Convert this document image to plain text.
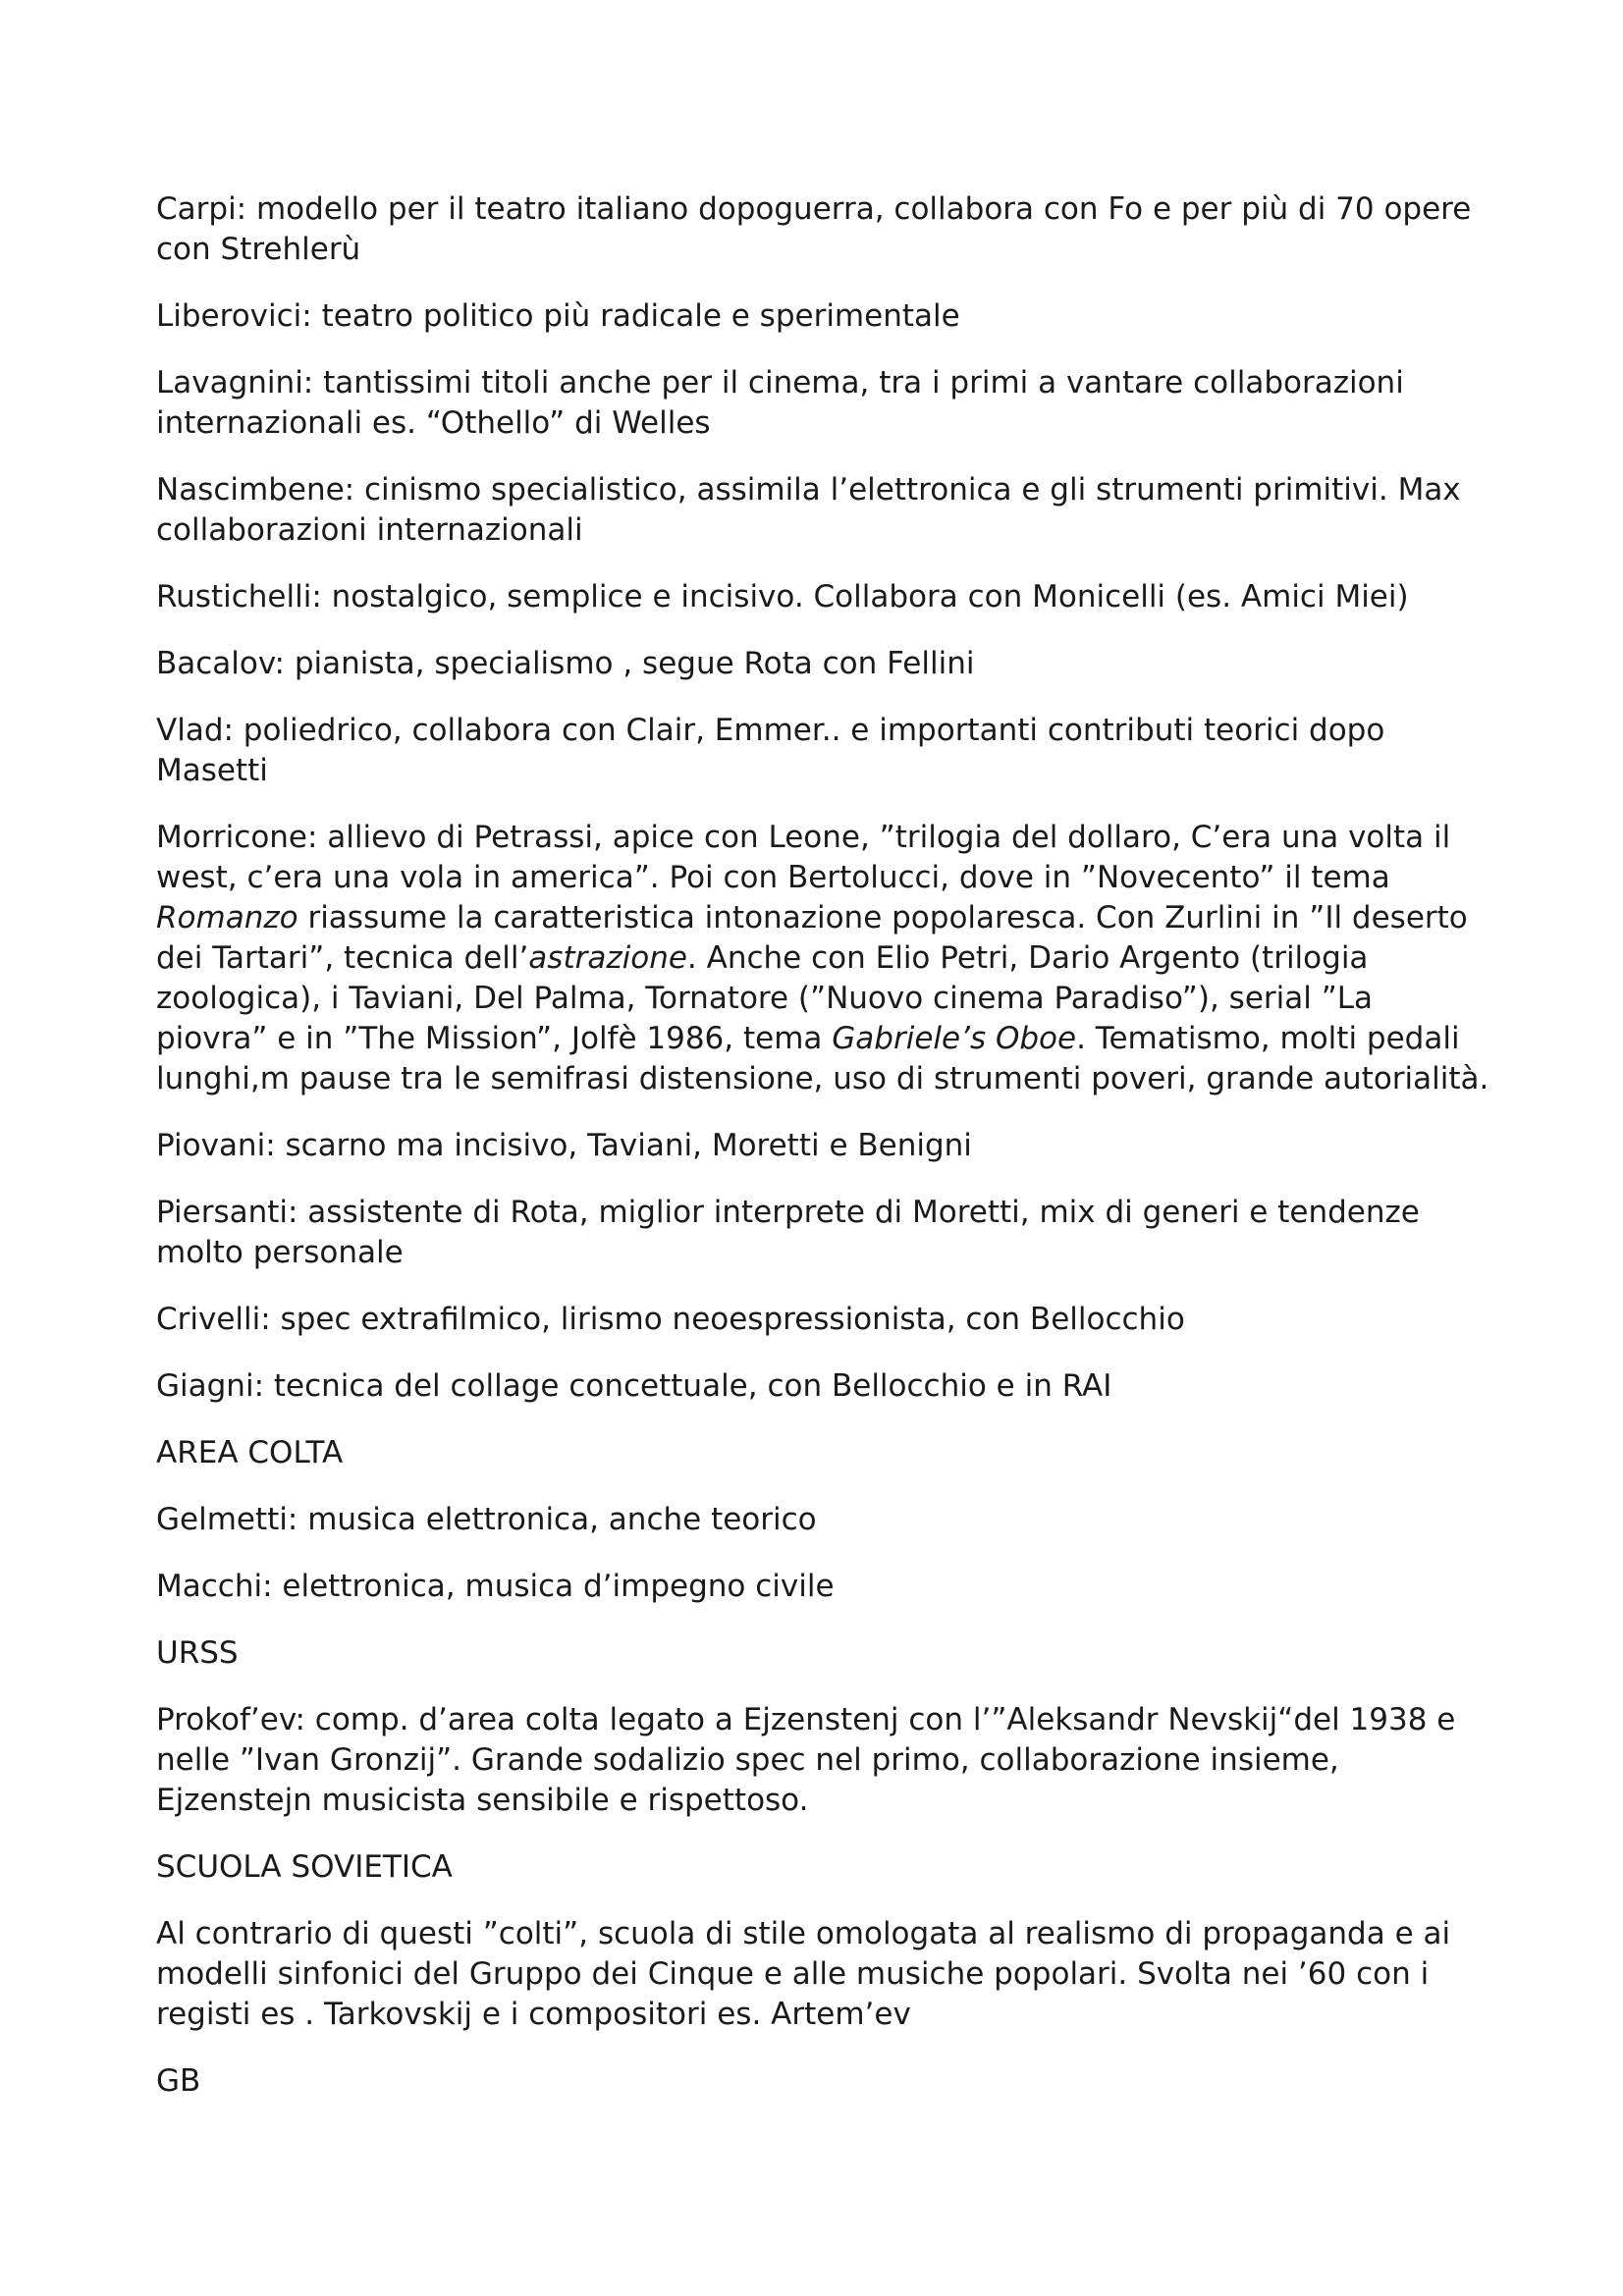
Carpi: modello per il teatro italiano dopoguerra, collabora con Fo e per più di 70 opere con Strehlerù

Liberovici: teatro politico più radicale e sperimentale

Lavagnini: tantissimi titoli anche per il cinema, tra i primi a vantare collaborazioni internazionali es. “Othello” di Welles

Nascimbene: cinismo specialistico, assimila l’elettronica e gli strumenti primitivi. Max collaborazioni internazionali

Rustichelli: nostalgico, semplice e incisivo. Collabora con Monicelli (es. Amici Miei)

Bacalov: pianista, specialismo , segue Rota con Fellini

Vlad: poliedrico, collabora con Clair, Emmer.. e importanti contributi teorici dopo Masetti

Morricone: allievo di Petrassi, apice con Leone, ”trilogia del dollaro, C’era una volta il west, c’era una vola in america”. Poi con Bertolucci, dove in ”Novecento” il tema Romanzo riassume la caratteristica intonazione popolaresca. Con Zurlini in ”Il deserto dei Tartari”, tecnica dell’astrazione. Anche con Elio Petri, Dario Argento (trilogia zoologica), i Taviani, Del Palma, Tornatore (”Nuovo cinema Paradiso”), serial ”La piovra” e in ”The Mission”, Jolfè 1986, tema Gabriele’s Oboe. Tematismo, molti pedali lunghi,m pause tra le semifrasi distensione, uso di strumenti poveri, grande autorialità.

Piovani: scarno ma incisivo, Taviani, Moretti e Benigni

Piersanti: assistente di Rota, miglior interprete di Moretti, mix di generi e tendenze molto personale

Crivelli: spec extrafilmico, lirismo neoespressionista, con Bellocchio

Giagni: tecnica del collage concettuale, con Bellocchio e in RAI

AREA COLTA

Gelmetti: musica elettronica, anche teorico

Macchi: elettronica, musica d’impegno civile

URSS

Prokof’ev: comp. d’area colta legato a Ejzenstenj con l’”Aleksandr Nevskij“del 1938 e nelle ”Ivan Gronzij”. Grande sodalizio spec nel primo, collaborazione insieme, Ejzenstejn musicista sensibile e rispettoso.

SCUOLA SOVIETICA

Al contrario di questi ”colti”, scuola di stile omologata al realismo di propaganda e ai modelli sinfonici del Gruppo dei Cinque e alle musiche popolari. Svolta nei ’60 con i registi es . Tarkovskij e i compositori es. Artem’ev

GB
